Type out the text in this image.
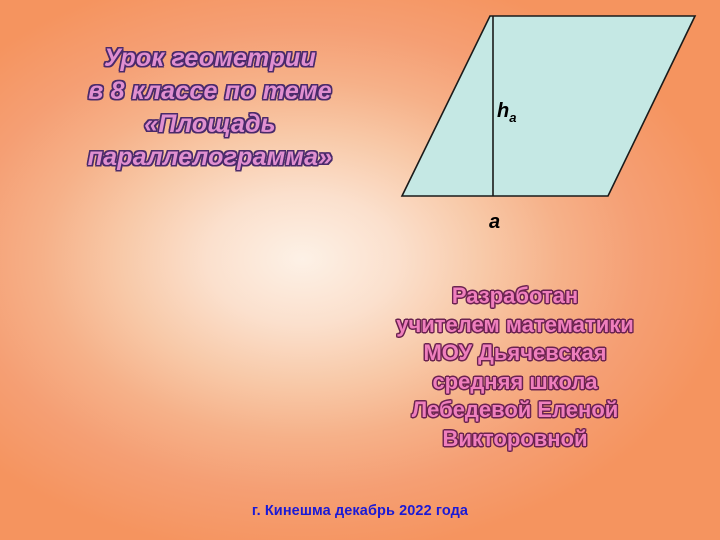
Урок геометрии
в 8 классе по теме
«Площадь
параллелограмма»
$h_a$
a
Разработан
учителем математики
МОУ Дьячевская
средняя школа
Лебедевой Еленой
Викторовной
г. Кинешма декабрь 2022 года
